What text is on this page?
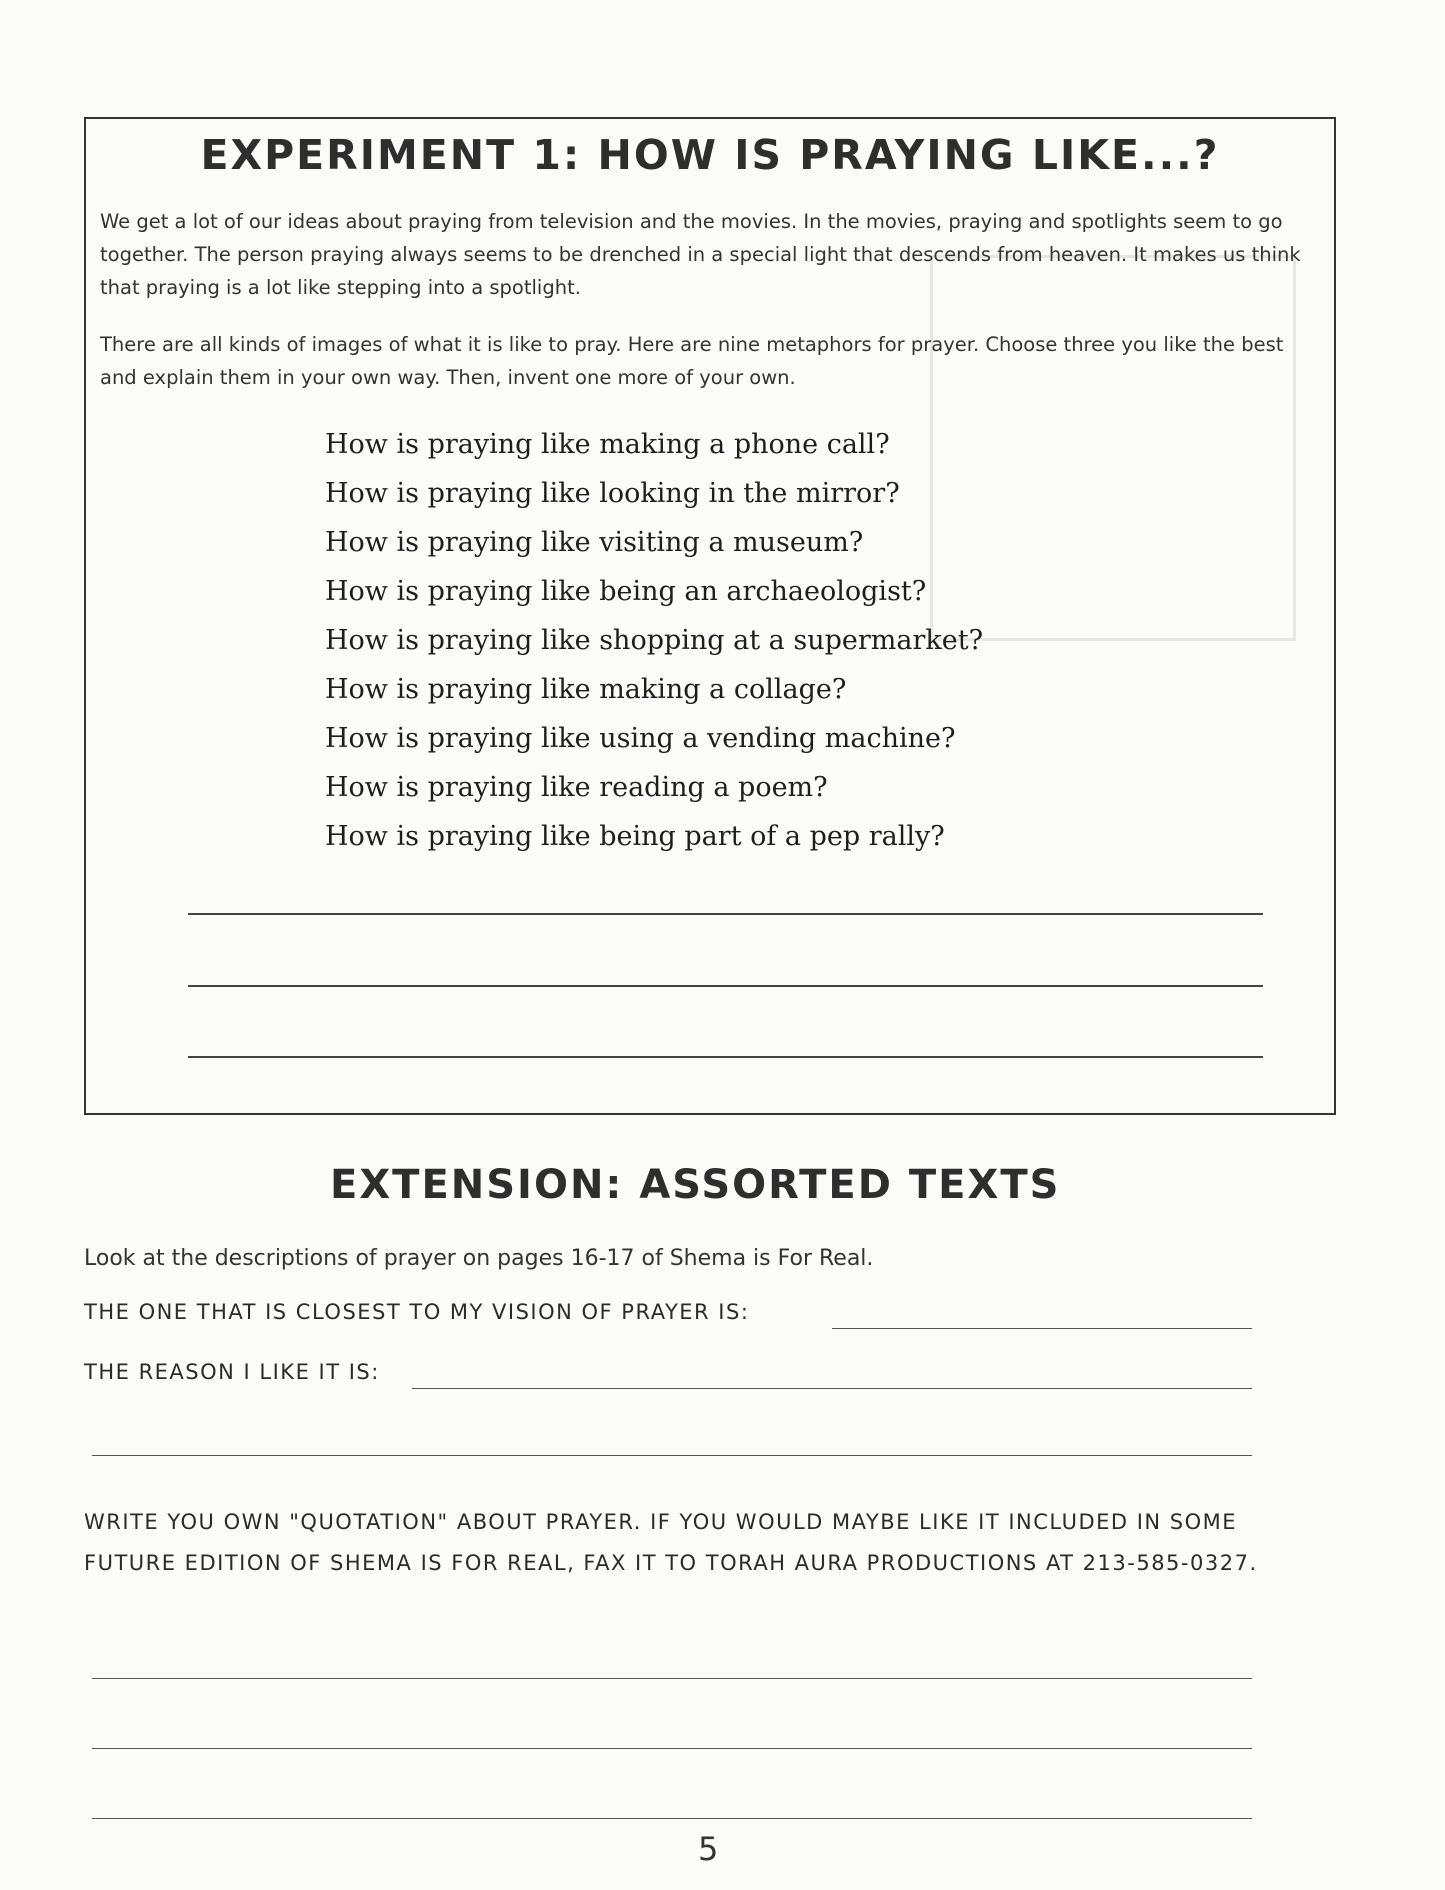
EXPERIMENT 1: HOW IS PRAYING LIKE...?
We get a lot of our ideas about praying from television and the movies. In the movies, praying and spotlights seem to go together. The person praying always seems to be drenched in a special light that descends from heaven. It makes us think that praying is a lot like stepping into a spotlight.
There are all kinds of images of what it is like to pray. Here are nine metaphors for prayer. Choose three you like the best and explain them in your own way. Then, invent one more of your own.
How is praying like making a phone call?
How is praying like looking in the mirror?
How is praying like visiting a museum?
How is praying like being an archaeologist?
How is praying like shopping at a supermarket?
How is praying like making a collage?
How is praying like using a vending machine?
How is praying like reading a poem?
How is praying like being part of a pep rally?
EXTENSION: ASSORTED TEXTS
Look at the descriptions of prayer on pages 16-17 of Shema is For Real.
THE ONE THAT IS CLOSEST TO MY VISION OF PRAYER IS:
THE REASON I LIKE IT IS:
WRITE YOU OWN "QUOTATION" ABOUT PRAYER. IF YOU WOULD MAYBE LIKE IT INCLUDED IN SOME FUTURE EDITION OF SHEMA IS FOR REAL, FAX IT TO TORAH AURA PRODUCTIONS AT 213-585-0327.
5
